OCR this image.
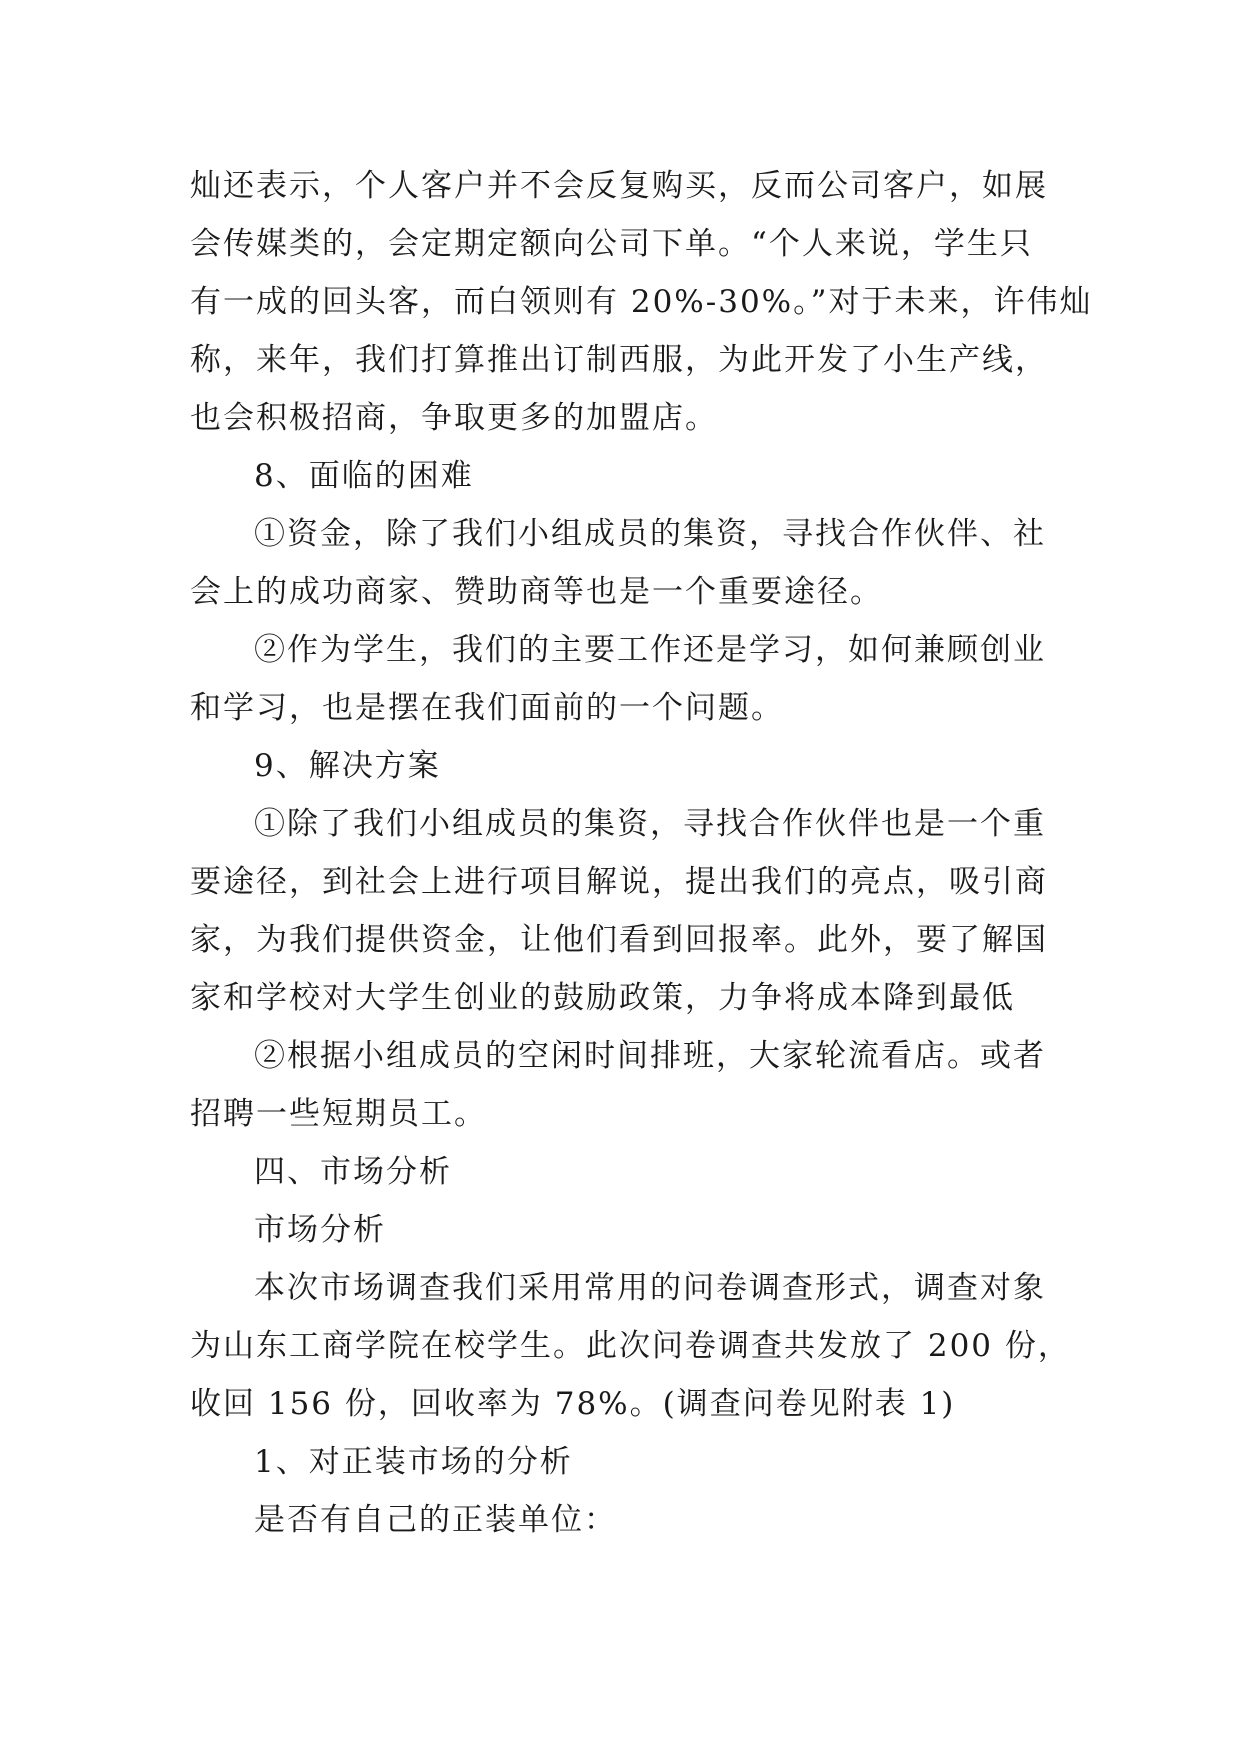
灿还表示，个人客户并不会反复购买，反而公司客户，如展

会传媒类的，会定期定额向公司下单。“个人来说，学生只

有一成的回头客，而白领则有 20%-30%。”对于未来，许伟灿

称，来年，我们打算推出订制西服，为此开发了小生产线，

也会积极招商，争取更多的加盟店。

8、面临的困难

①资金，除了我们小组成员的集资，寻找合作伙伴、社

会上的成功商家、赞助商等也是一个重要途径。

②作为学生，我们的主要工作还是学习，如何兼顾创业

和学习，也是摆在我们面前的一个问题。

9、解决方案

①除了我们小组成员的集资，寻找合作伙伴也是一个重

要途径，到社会上进行项目解说，提出我们的亮点，吸引商

家，为我们提供资金，让他们看到回报率。此外，要了解国

家和学校对大学生创业的鼓励政策，力争将成本降到最低

②根据小组成员的空闲时间排班，大家轮流看店。或者

招聘一些短期员工。

四、市场分析

市场分析

本次市场调查我们采用常用的问卷调查形式，调查对象

为山东工商学院在校学生。此次问卷调查共发放了 200 份，

收回 156 份，回收率为 78%。(调查问卷见附表 1)

1、对正装市场的分析

是否有自己的正装单位：
